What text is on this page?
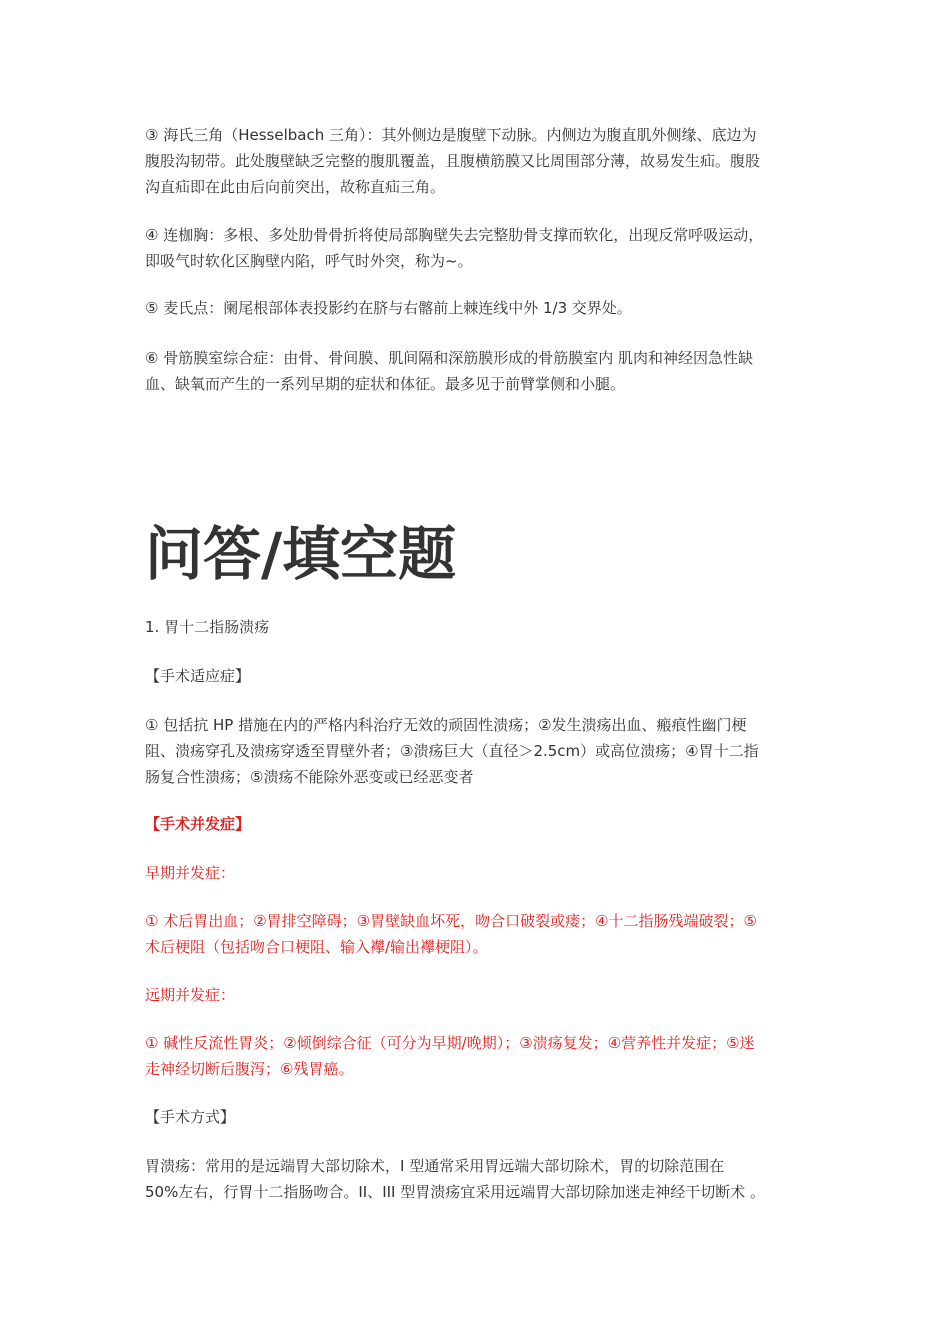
③ 海氏三角（Hesselbach 三角）：其外侧边是腹壁下动脉。内侧边为腹直肌外侧缘、底边为
腹股沟韧带。此处腹壁缺乏完整的腹肌覆盖，且腹横筋膜又比周围部分薄，故易发生疝。腹股
沟直疝即在此由后向前突出，故称直疝三角。
④ 连枷胸：多根、多处肋骨骨折将使局部胸壁失去完整肋骨支撑而软化，出现反常呼吸运动，
即吸气时软化区胸壁内陷，呼气时外突，称为~。
⑤ 麦氏点：阑尾根部体表投影约在脐与右髂前上棘连线中外 1/3 交界处。
⑥ 骨筋膜室综合症：由骨、骨间膜、肌间隔和深筋膜形成的骨筋膜室内 肌肉和神经因急性缺
血、缺氧而产生的一系列早期的症状和体征。最多见于前臂掌侧和小腿。
问答/填空题
1. 胃十二指肠溃疡
【手术适应症】
① 包括抗 HP 措施在内的严格内科治疗无效的顽固性溃疡；②发生溃疡出血、瘢痕性幽门梗
阻、溃疡穿孔及溃疡穿透至胃壁外者；③溃疡巨大（直径＞2.5cm）或高位溃疡；④胃十二指
肠复合性溃疡；⑤溃疡不能除外恶变或已经恶变者
【手术并发症】
早期并发症：
① 术后胃出血；②胃排空障碍；③胃壁缺血坏死，吻合口破裂或瘘；④十二指肠残端破裂；⑤
术后梗阻（包括吻合口梗阻、输入襻/输出襻梗阻）。
远期并发症：
① 碱性反流性胃炎；②倾倒综合征（可分为早期/晚期）；③溃疡复发；④营养性并发症；⑤迷
走神经切断后腹泻；⑥残胃癌。
【手术方式】
胃溃疡：常用的是远端胃大部切除术，I 型通常采用胃远端大部切除术，胃的切除范围在
50%左右，行胃十二指肠吻合。II、III 型胃溃疡宜采用远端胃大部切除加迷走神经干切断术 。
